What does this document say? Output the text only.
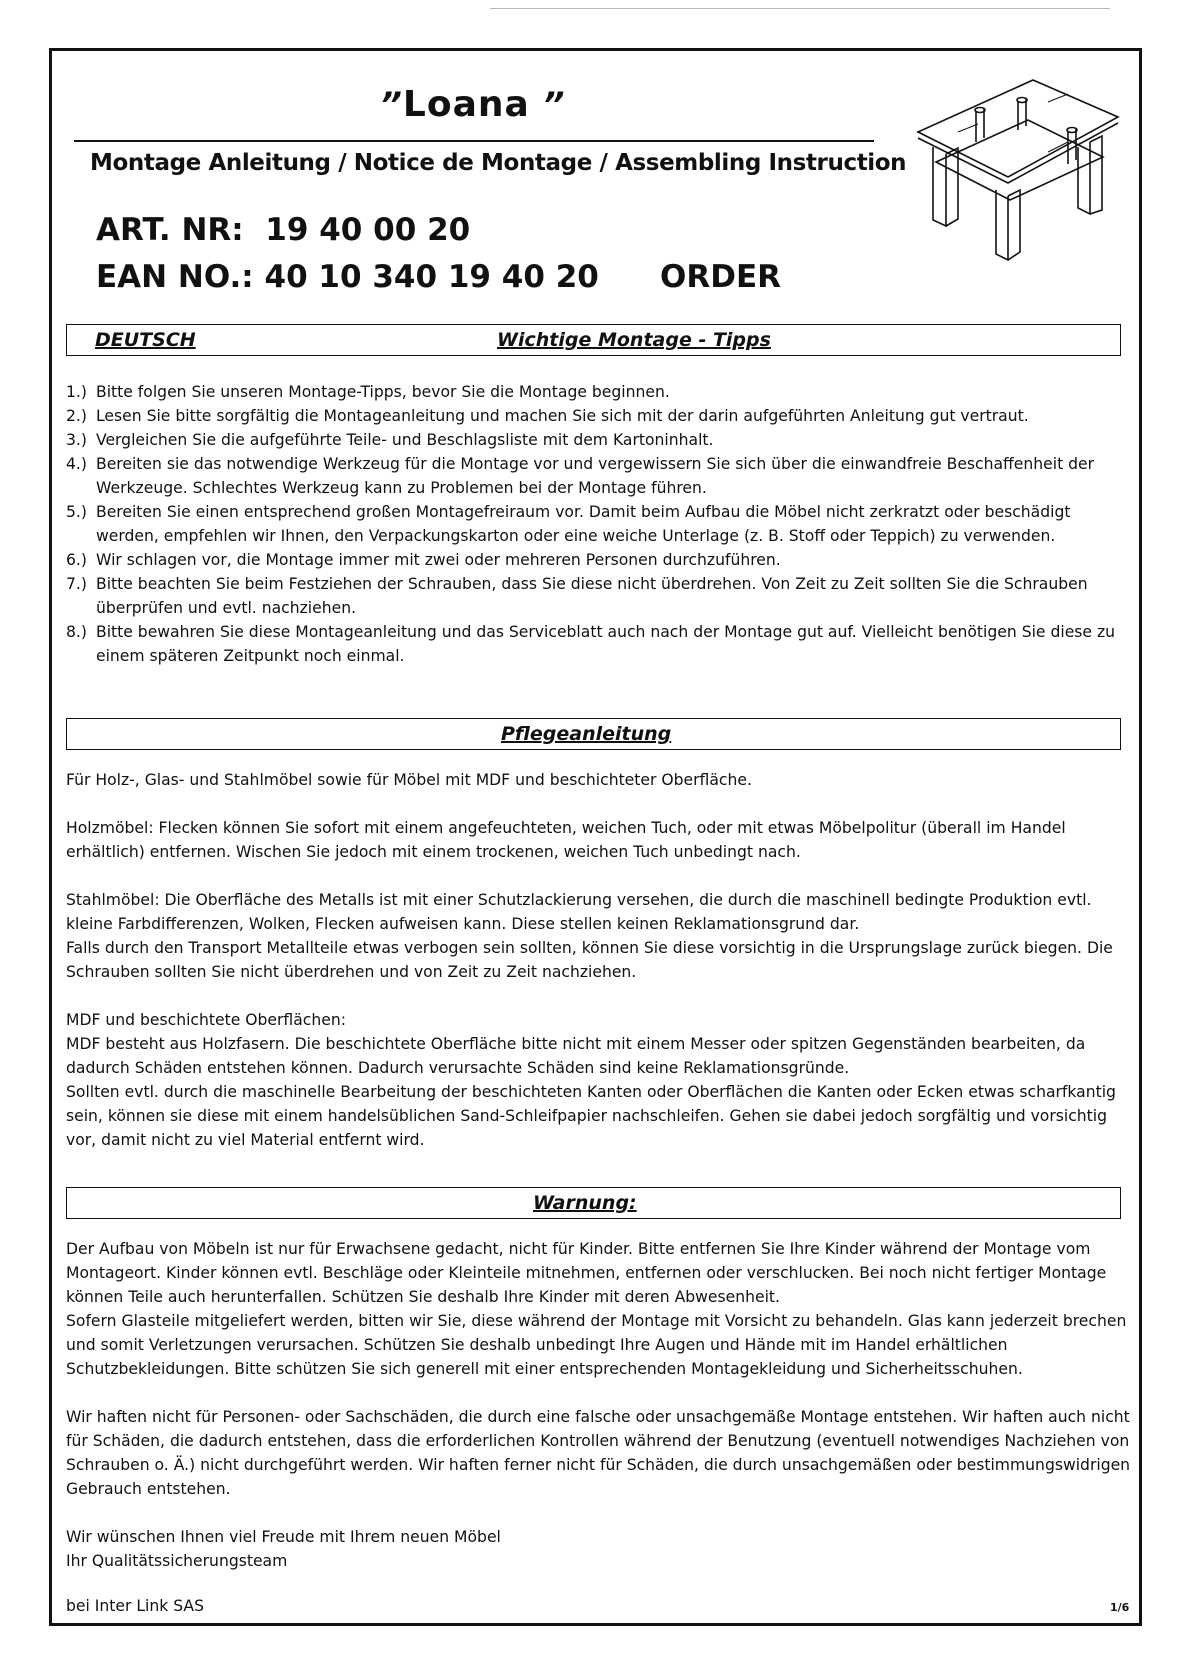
”Loana ”
Montage Anleitung / Notice de Montage / Assembling Instruction
ART. NR: 19 40 00 20
EAN NO.: 40 10 340 19 40 20 ORDER
DEUTSCH	Wichtige Montage - Tipps
1.) Bitte folgen Sie unseren Montage-Tipps, bevor Sie die Montage beginnen.
2.) Lesen Sie bitte sorgfältig die Montageanleitung und machen Sie sich mit der darin aufgeführten Anleitung gut vertraut.
3.) Vergleichen Sie die aufgeführte Teile- und Beschlagsliste mit dem Kartoninhalt.
4.) Bereiten sie das notwendige Werkzeug für die Montage vor und vergewissern Sie sich über die einwandfreie Beschaffenheit der Werkzeuge. Schlechtes Werkzeug kann zu Problemen bei der Montage führen.
5.) Bereiten Sie einen entsprechend großen Montagefreiraum vor. Damit beim Aufbau die Möbel nicht zerkratzt oder beschädigt werden, empfehlen wir Ihnen, den Verpackungskarton oder eine weiche Unterlage (z. B. Stoff oder Teppich) zu verwenden.
6.) Wir schlagen vor, die Montage immer mit zwei oder mehreren Personen durchzuführen.
7.) Bitte beachten Sie beim Festziehen der Schrauben, dass Sie diese nicht überdrehen. Von Zeit zu Zeit sollten Sie die Schrauben überprüfen und evtl. nachziehen.
8.) Bitte bewahren Sie diese Montageanleitung und das Serviceblatt auch nach der Montage gut auf. Vielleicht benötigen Sie diese zu einem späteren Zeitpunkt noch einmal.
Pflegeanleitung
Für Holz-, Glas- und Stahlmöbel sowie für Möbel mit MDF und beschichteter Oberfläche.
Holzmöbel: Flecken können Sie sofort mit einem angefeuchteten, weichen Tuch, oder mit etwas Möbelpolitur (überall im Handel erhältlich) entfernen. Wischen Sie jedoch mit einem trockenen, weichen Tuch unbedingt nach.
Stahlmöbel: Die Oberfläche des Metalls ist mit einer Schutzlackierung versehen, die durch die maschinell bedingte Produktion evtl. kleine Farbdifferenzen, Wolken, Flecken aufweisen kann. Diese stellen keinen Reklamationsgrund dar.
Falls durch den Transport Metallteile etwas verbogen sein sollten, können Sie diese vorsichtig in die Ursprungslage zurück biegen. Die Schrauben sollten Sie nicht überdrehen und von Zeit zu Zeit nachziehen.
MDF und beschichtete Oberflächen:
MDF besteht aus Holzfasern. Die beschichtete Oberfläche bitte nicht mit einem Messer oder spitzen Gegenständen bearbeiten, da dadurch Schäden entstehen können. Dadurch verursachte Schäden sind keine Reklamationsgründe.
Sollten evtl. durch die maschinelle Bearbeitung der beschichteten Kanten oder Oberflächen die Kanten oder Ecken etwas scharfkantig sein, können sie diese mit einem handelsüblichen Sand-Schleifpapier nachschleifen. Gehen sie dabei jedoch sorgfältig und vorsichtig vor, damit nicht zu viel Material entfernt wird.
Warnung:
Der Aufbau von Möbeln ist nur für Erwachsene gedacht, nicht für Kinder. Bitte entfernen Sie Ihre Kinder während der Montage vom Montageort. Kinder können evtl. Beschläge oder Kleinteile mitnehmen, entfernen oder verschlucken. Bei noch nicht fertiger Montage können Teile auch herunterfallen. Schützen Sie deshalb Ihre Kinder mit deren Abwesenheit.
Sofern Glasteile mitgeliefert werden, bitten wir Sie, diese während der Montage mit Vorsicht zu behandeln. Glas kann jederzeit brechen und somit Verletzungen verursachen. Schützen Sie deshalb unbedingt Ihre Augen und Hände mit im Handel erhältlichen Schutzbekleidungen. Bitte schützen Sie sich generell mit einer entsprechenden Montagekleidung und Sicherheitsschuhen.
Wir haften nicht für Personen- oder Sachschäden, die durch eine falsche oder unsachgemäße Montage entstehen. Wir haften auch nicht für Schäden, die dadurch entstehen, dass die erforderlichen Kontrollen während der Benutzung (eventuell notwendiges Nachziehen von Schrauben o. Ä.) nicht durchgeführt werden. Wir haften ferner nicht für Schäden, die durch unsachgemäßen oder bestimmungswidrigen Gebrauch entstehen.
Wir wünschen Ihnen viel Freude mit Ihrem neuen Möbel
Ihr Qualitätssicherungsteam
bei Inter Link SAS	1/6
